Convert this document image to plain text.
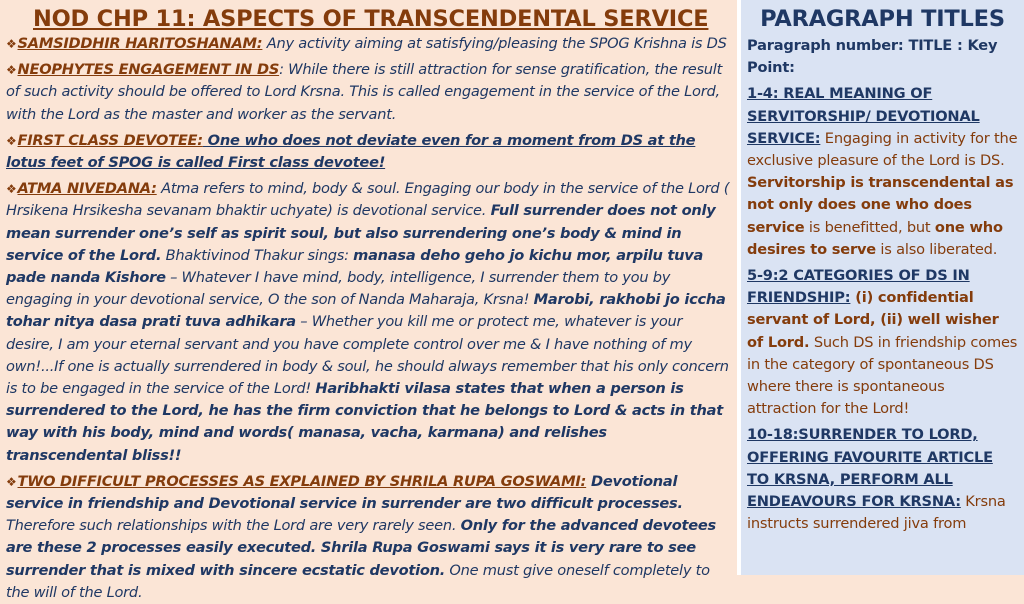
NOD CHP 11: ASPECTS OF TRANSCENDENTAL SERVICE

❖SAMSIDDHIR HARITOSHANAM: Any activity aiming at satisfying/pleasing the SPOG Krishna is DS

❖NEOPHYTES ENGAGEMENT IN DS: While there is still attraction for sense gratification, the result of such activity should be offered to Lord Krsna. This is called engagement in the service of the Lord, with the Lord as the master and worker as the servant.

❖FIRST CLASS DEVOTEE: One who does not deviate even for a moment from DS at the lotus feet of SPOG is called First class devotee!

❖ATMA NIVEDANA: Atma refers to mind, body & soul. Engaging our body in the service of the Lord ( Hrsikena Hrsikesha sevanam bhaktir uchyate) is devotional service. Full surrender does not only mean surrender one’s self as spirit soul, but also surrendering one’s body & mind in service of the Lord. Bhaktivinod Thakur sings: manasa deho geho jo kichu mor, arpilu tuva pade nanda Kishore – Whatever I have mind, body, intelligence, I surrender them to you by engaging in your devotional service, O the son of Nanda Maharaja, Krsna! Marobi, rakhobi jo iccha tohar nitya dasa prati tuva adhikara – Whether you kill me or protect me, whatever is your desire, I am your eternal servant and you have complete control over me & I have nothing of my own!...If one is actually surrendered in body & soul, he should always remember that his only concern is to be engaged in the service of the Lord! Haribhakti vilasa states that when a person is surrendered to the Lord, he has the firm conviction that he belongs to Lord & acts in that way with his body, mind and words( manasa, vacha, karmana) and relishes transcendental bliss!!

❖TWO DIFFICULT PROCESSES AS EXPLAINED BY SHRILA RUPA GOSWAMI: Devotional service in friendship and Devotional service in surrender are two difficult processes. Therefore such relationships with the Lord are very rarely seen. Only for the advanced devotees are these 2 processes easily executed. Shrila Rupa Goswami says it is very rare to see surrender that is mixed with sincere ecstatic devotion. One must give oneself completely to the will of the Lord.

PARAGRAPH TITLES

Paragraph number: TITLE : Key Point:

1-4: REAL MEANING OF SERVITORSHIP/ DEVOTIONAL SERVICE: Engaging in activity for the exclusive pleasure of the Lord is DS. Servitorship is transcendental as not only does one who does service is benefitted, but one who desires to serve is also liberated.

5-9:2 CATEGORIES OF DS IN FRIENDSHIP: (i) confidential servant of Lord, (ii) well wisher of Lord. Such DS in friendship comes in the category of spontaneous DS where there is spontaneous attraction for the Lord!

10-18:SURRENDER TO LORD, OFFERING FAVOURITE ARTICLE TO KRSNA, PERFORM ALL ENDEAVOURS FOR KRSNA: Krsna instructs surrendered jiva from
